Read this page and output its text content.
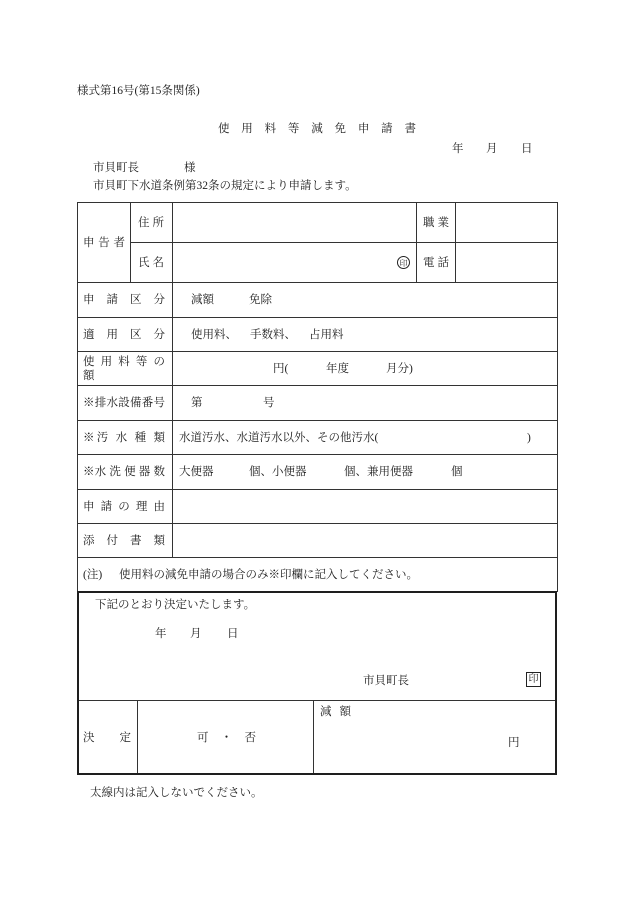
様式第16号(第15条関係)
使 用 料 等 減 免 申 請 書
年 月 日
市貝町長	様
市貝町下水道条例第32条の規定により申請します。
申 告 者	住 所		職 業	

	氏 名	印	電 話	

申 請 区 分		減額 免除		

適 用 区 分		使用料、 手数料、 占用料		

使 用 料 等 の 額		円( 年度 月分)		

※排水設備番号		第 号		

※汚 水 種 類		水道汚水、水道汚水以外、その他汚水( )		

※水 洗 便 器 数		大便器 個、小便器 個、兼用便器 個		

申 請 の 理 由				

添 付 書 類				

(注) 使用料の減免申請の場合のみ※印欄に記入してください。				
下記のとおり決定いたします。
年 月 日
市貝町長	印
決 定	可 ・ 否
減 額
円
太線内は記入しないでください。
